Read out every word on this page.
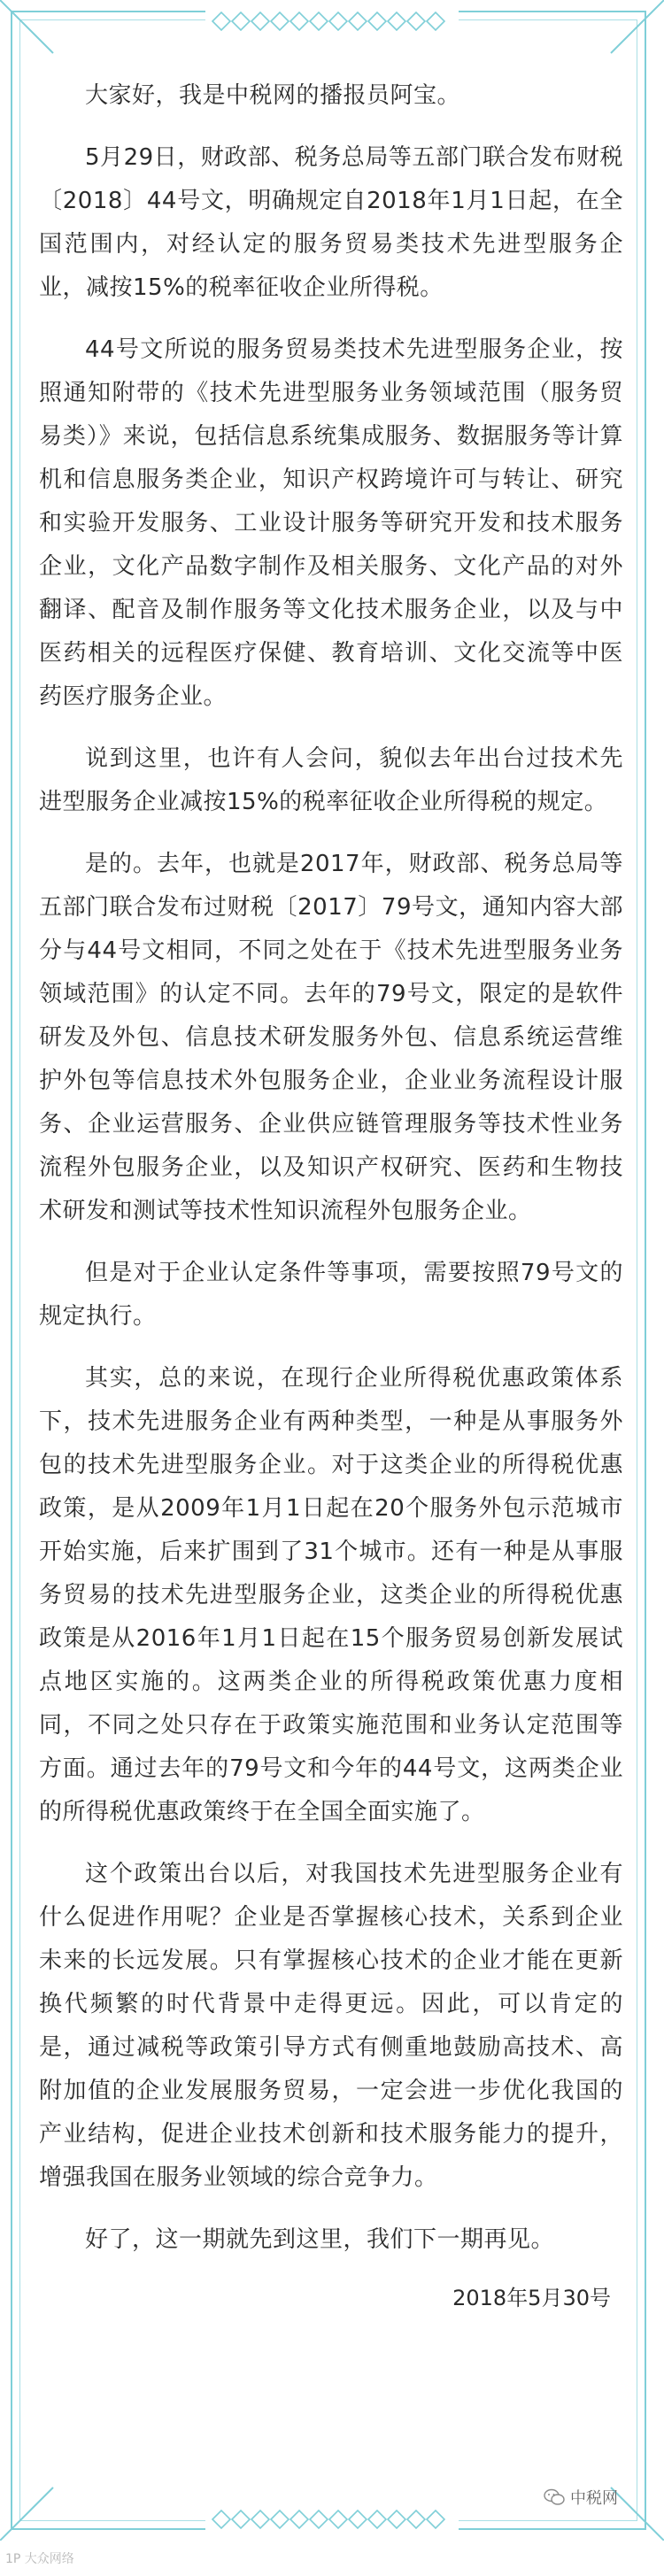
大家好，我是中税网的播报员阿宝。

5月29日，财政部、税务总局等五部门联合发布财税〔2018〕44号文，明确规定自2018年1月1日起，在全国范围内，对经认定的服务贸易类技术先进型服务企业，减按15%的税率征收企业所得税。

44号文所说的服务贸易类技术先进型服务企业，按照通知附带的《技术先进型服务业务领域范围（服务贸易类）》来说，包括信息系统集成服务、数据服务等计算机和信息服务类企业，知识产权跨境许可与转让、研究和实验开发服务、工业设计服务等研究开发和技术服务企业，文化产品数字制作及相关服务、文化产品的对外翻译、配音及制作服务等文化技术服务企业，以及与中医药相关的远程医疗保健、教育培训、文化交流等中医药医疗服务企业。

说到这里，也许有人会问，貌似去年出台过技术先进型服务企业减按15%的税率征收企业所得税的规定。

是的。去年，也就是2017年，财政部、税务总局等五部门联合发布过财税〔2017〕79号文，通知内容大部分与44号文相同，不同之处在于《技术先进型服务业务领域范围》的认定不同。去年的79号文，限定的是软件研发及外包、信息技术研发服务外包、信息系统运营维护外包等信息技术外包服务企业，企业业务流程设计服务、企业运营服务、企业供应链管理服务等技术性业务流程外包服务企业，以及知识产权研究、医药和生物技术研发和测试等技术性知识流程外包服务企业。

但是对于企业认定条件等事项，需要按照79号文的规定执行。

其实，总的来说，在现行企业所得税优惠政策体系下，技术先进服务企业有两种类型，一种是从事服务外包的技术先进型服务企业。对于这类企业的所得税优惠政策，是从2009年1月1日起在20个服务外包示范城市开始实施，后来扩围到了31个城市。还有一种是从事服务贸易的技术先进型服务企业，这类企业的所得税优惠政策是从2016年1月1日起在15个服务贸易创新发展试点地区实施的。这两类企业的所得税政策优惠力度相同，不同之处只存在于政策实施范围和业务认定范围等方面。通过去年的79号文和今年的44号文，这两类企业的所得税优惠政策终于在全国全面实施了。

这个政策出台以后，对我国技术先进型服务企业有什么促进作用呢？企业是否掌握核心技术，关系到企业未来的长远发展。只有掌握核心技术的企业才能在更新换代频繁的时代背景中走得更远。因此，可以肯定的是，通过减税等政策引导方式有侧重地鼓励高技术、高附加值的企业发展服务贸易，一定会进一步优化我国的产业结构，促进企业技术创新和技术服务能力的提升，增强我国在服务业领域的综合竞争力。

好了，这一期就先到这里，我们下一期再见。

2018年5月30号

中税网
1P 大众网络
